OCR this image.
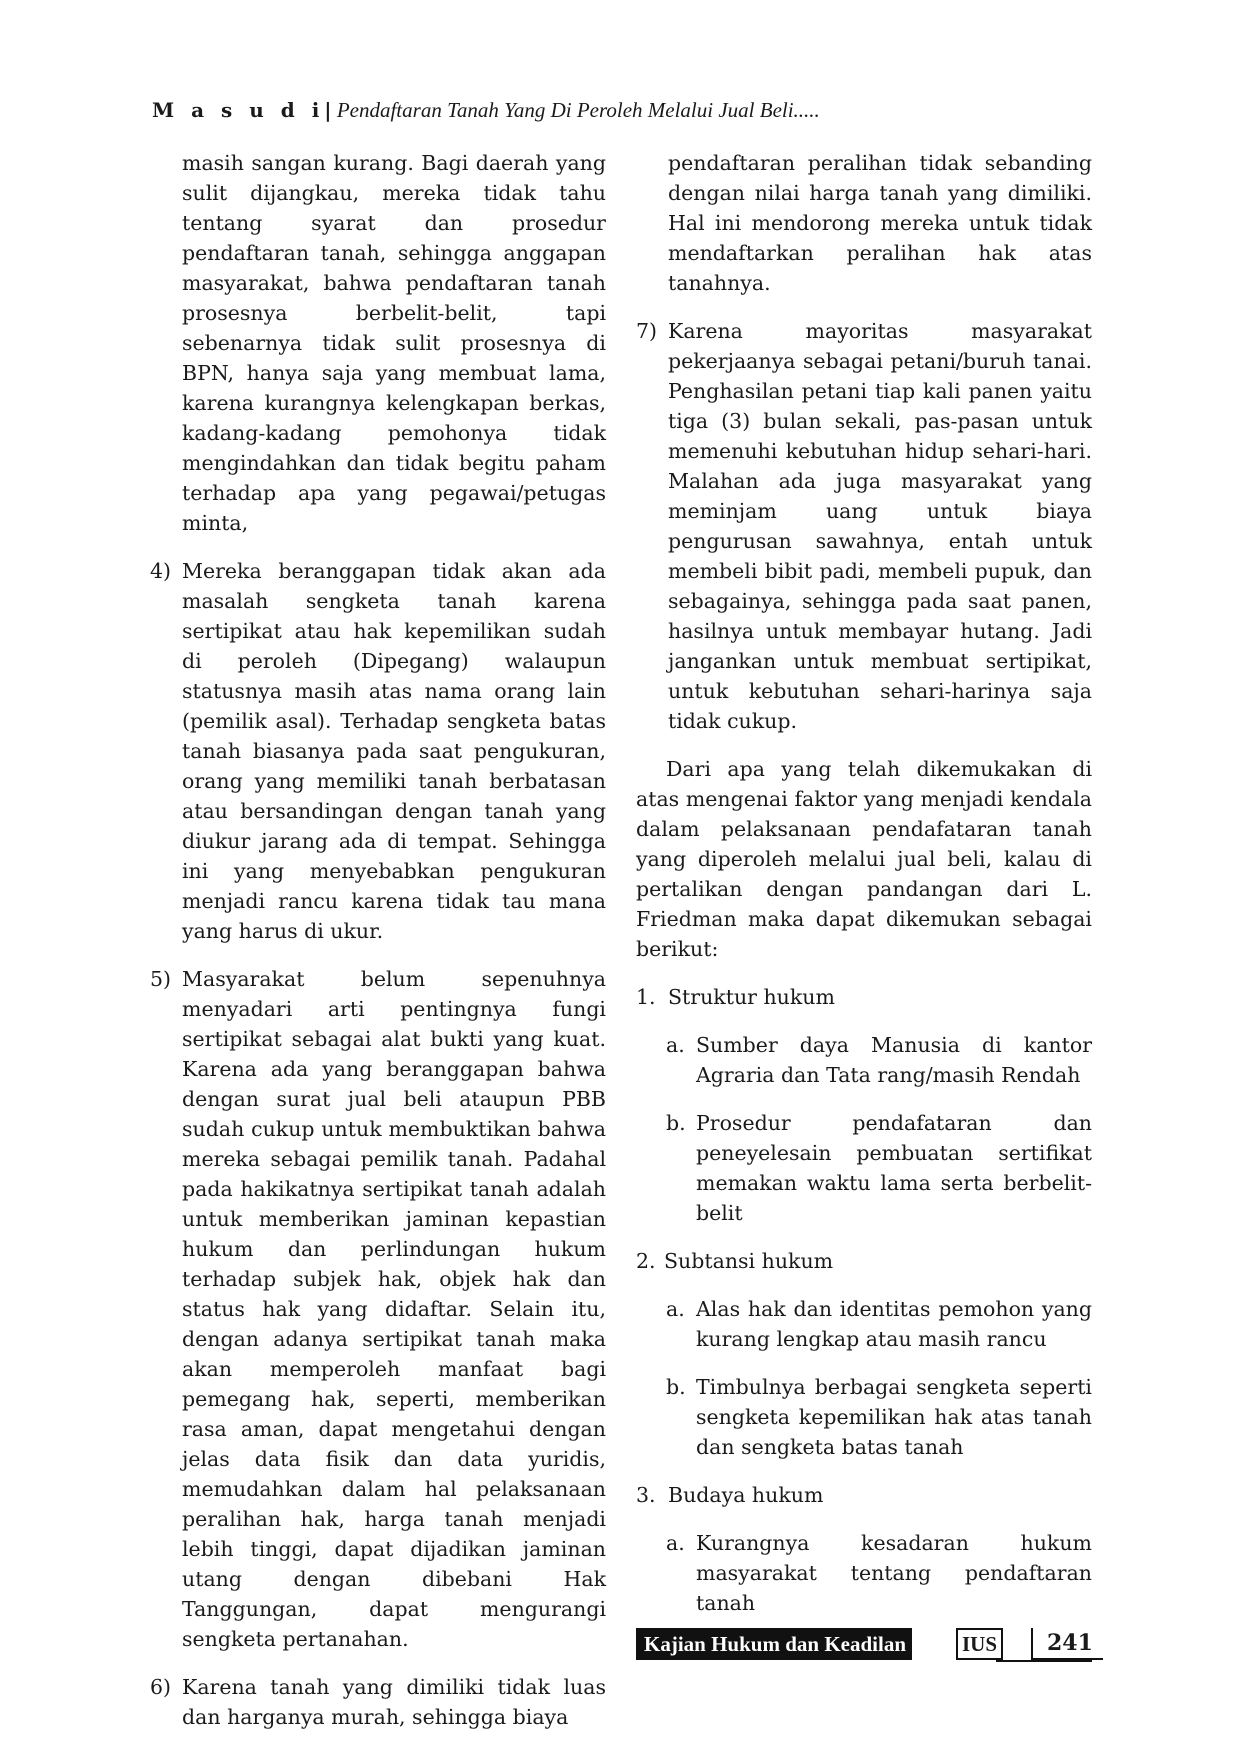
M a s u d i| Pendaftaran Tanah Yang Di Peroleh Melalui Jual Beli.....

masih sangan kurang. Bagi daerah yang sulit dijangkau, mereka tidak tahu tentang syarat dan prosedur pendaftaran tanah, sehingga anggapan masyarakat, bahwa pendaftaran tanah prosesnya berbelit-belit, tapi sebenarnya tidak sulit prosesnya di BPN, hanya saja yang membuat lama, karena kurangnya kelengkapan berkas, kadang-kadang pemohonya tidak mengindahkan dan tidak begitu paham terhadap apa yang pegawai/petugas minta,

4) Mereka beranggapan tidak akan ada masalah sengketa tanah karena sertipikat atau hak kepemilikan sudah di peroleh (Dipegang) walaupun statusnya masih atas nama orang lain (pemilik asal). Terhadap sengketa batas tanah biasanya pada saat pengukuran, orang yang memiliki tanah berbatasan atau bersandingan dengan tanah yang diukur jarang ada di tempat. Sehingga ini yang menyebabkan pengukuran menjadi rancu karena tidak tau mana yang harus di ukur.
5) Masyarakat belum sepenuhnya menyadari arti pentingnya fungi sertipikat sebagai alat bukti yang kuat. Karena ada yang beranggapan bahwa dengan surat jual beli ataupun PBB sudah cukup untuk membuktikan bahwa mereka sebagai pemilik tanah. Padahal pada hakikatnya sertipikat tanah adalah untuk memberikan jaminan kepastian hukum dan perlindungan hukum terhadap subjek hak, objek hak dan status hak yang didaftar. Selain itu, dengan adanya sertipikat tanah maka akan memperoleh manfaat bagi pemegang hak, seperti, memberikan rasa aman, dapat mengetahui dengan jelas data fisik dan data yuridis, memudahkan dalam hal pelaksanaan peralihan hak, harga tanah menjadi lebih tinggi, dapat dijadikan jaminan utang dengan dibebani Hak Tanggungan, dapat mengurangi sengketa pertanahan.
6) Karena tanah yang dimiliki tidak luas dan harganya murah, sehingga biaya

pendaftaran peralihan tidak sebanding dengan nilai harga tanah yang dimiliki. Hal ini mendorong mereka untuk tidak mendaftarkan peralihan hak atas tanahnya.

7) Karena mayoritas masyarakat pekerjaanya sebagai petani/buruh tanai. Penghasilan petani tiap kali panen yaitu tiga (3) bulan sekali, pas-pasan untuk memenuhi kebutuhan hidup sehari-hari. Malahan ada juga masyarakat yang meminjam uang untuk biaya pengurusan sawahnya, entah untuk membeli bibit padi, membeli pupuk, dan sebagainya, sehingga pada saat panen, hasilnya untuk membayar hutang. Jadi jangankan untuk membuat sertipikat, untuk kebutuhan sehari-harinya saja tidak cukup.

Dari apa yang telah dikemukakan di atas mengenai faktor yang menjadi kendala dalam pelaksanaan pendafataran tanah yang diperoleh melalui jual beli, kalau di pertalikan dengan pandangan dari L. Friedman maka dapat dikemukan sebagai berikut:

1. Struktur hukum
a. Sumber daya Manusia di kantor Agraria dan Tata rang/masih Rendah
b. Prosedur pendafataran dan peneyelesain pembuatan sertifikat memakan waktu lama serta berbelit-belit
2. Subtansi hukum
a. Alas hak dan identitas pemohon yang kurang lengkap atau masih rancu
b. Timbulnya berbagai sengketa seperti sengketa kepemilikan hak atas tanah dan sengketa batas tanah
3. Budaya hukum
a. Kurangnya kesadaran hukum masyarakat tentang pendaftaran tanah
Kajian Hukum dan Keadilan	IUS	241
